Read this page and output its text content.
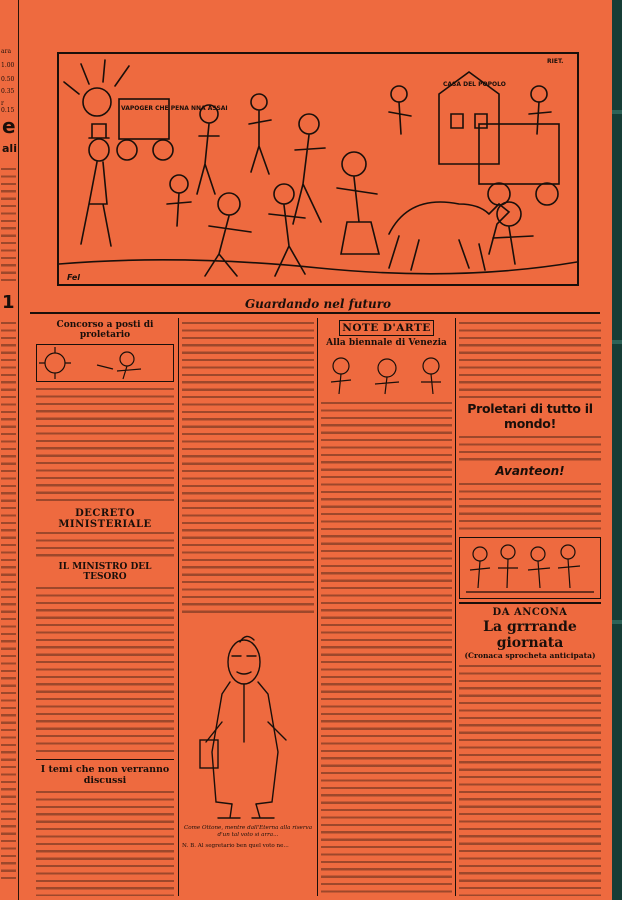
ara
1.00
0.50
0.35
r 0.15
e
ali
1
VAPOGER CHE PENA NNA ASSAI
CASA DEL POPOLO
RIET.
Fel
Guardando nel futuro
Concorso a posti di proletario
DECRETO MINISTERIALE
IL MINISTRO DEL TESORO
I temi che non verranno discussi
Come Ottone, mentre dall'Eterna alla riserva d'un tal voto si arra...
N. B. Al segretario ben quel voto ne...
NOTE D'ARTE
Alla biennale di Venezia
Proletari di tutto il mondo!
Avanteon!
DA ANCONA
La grrrande giornata
(Cronaca sprocheta anticipata)
